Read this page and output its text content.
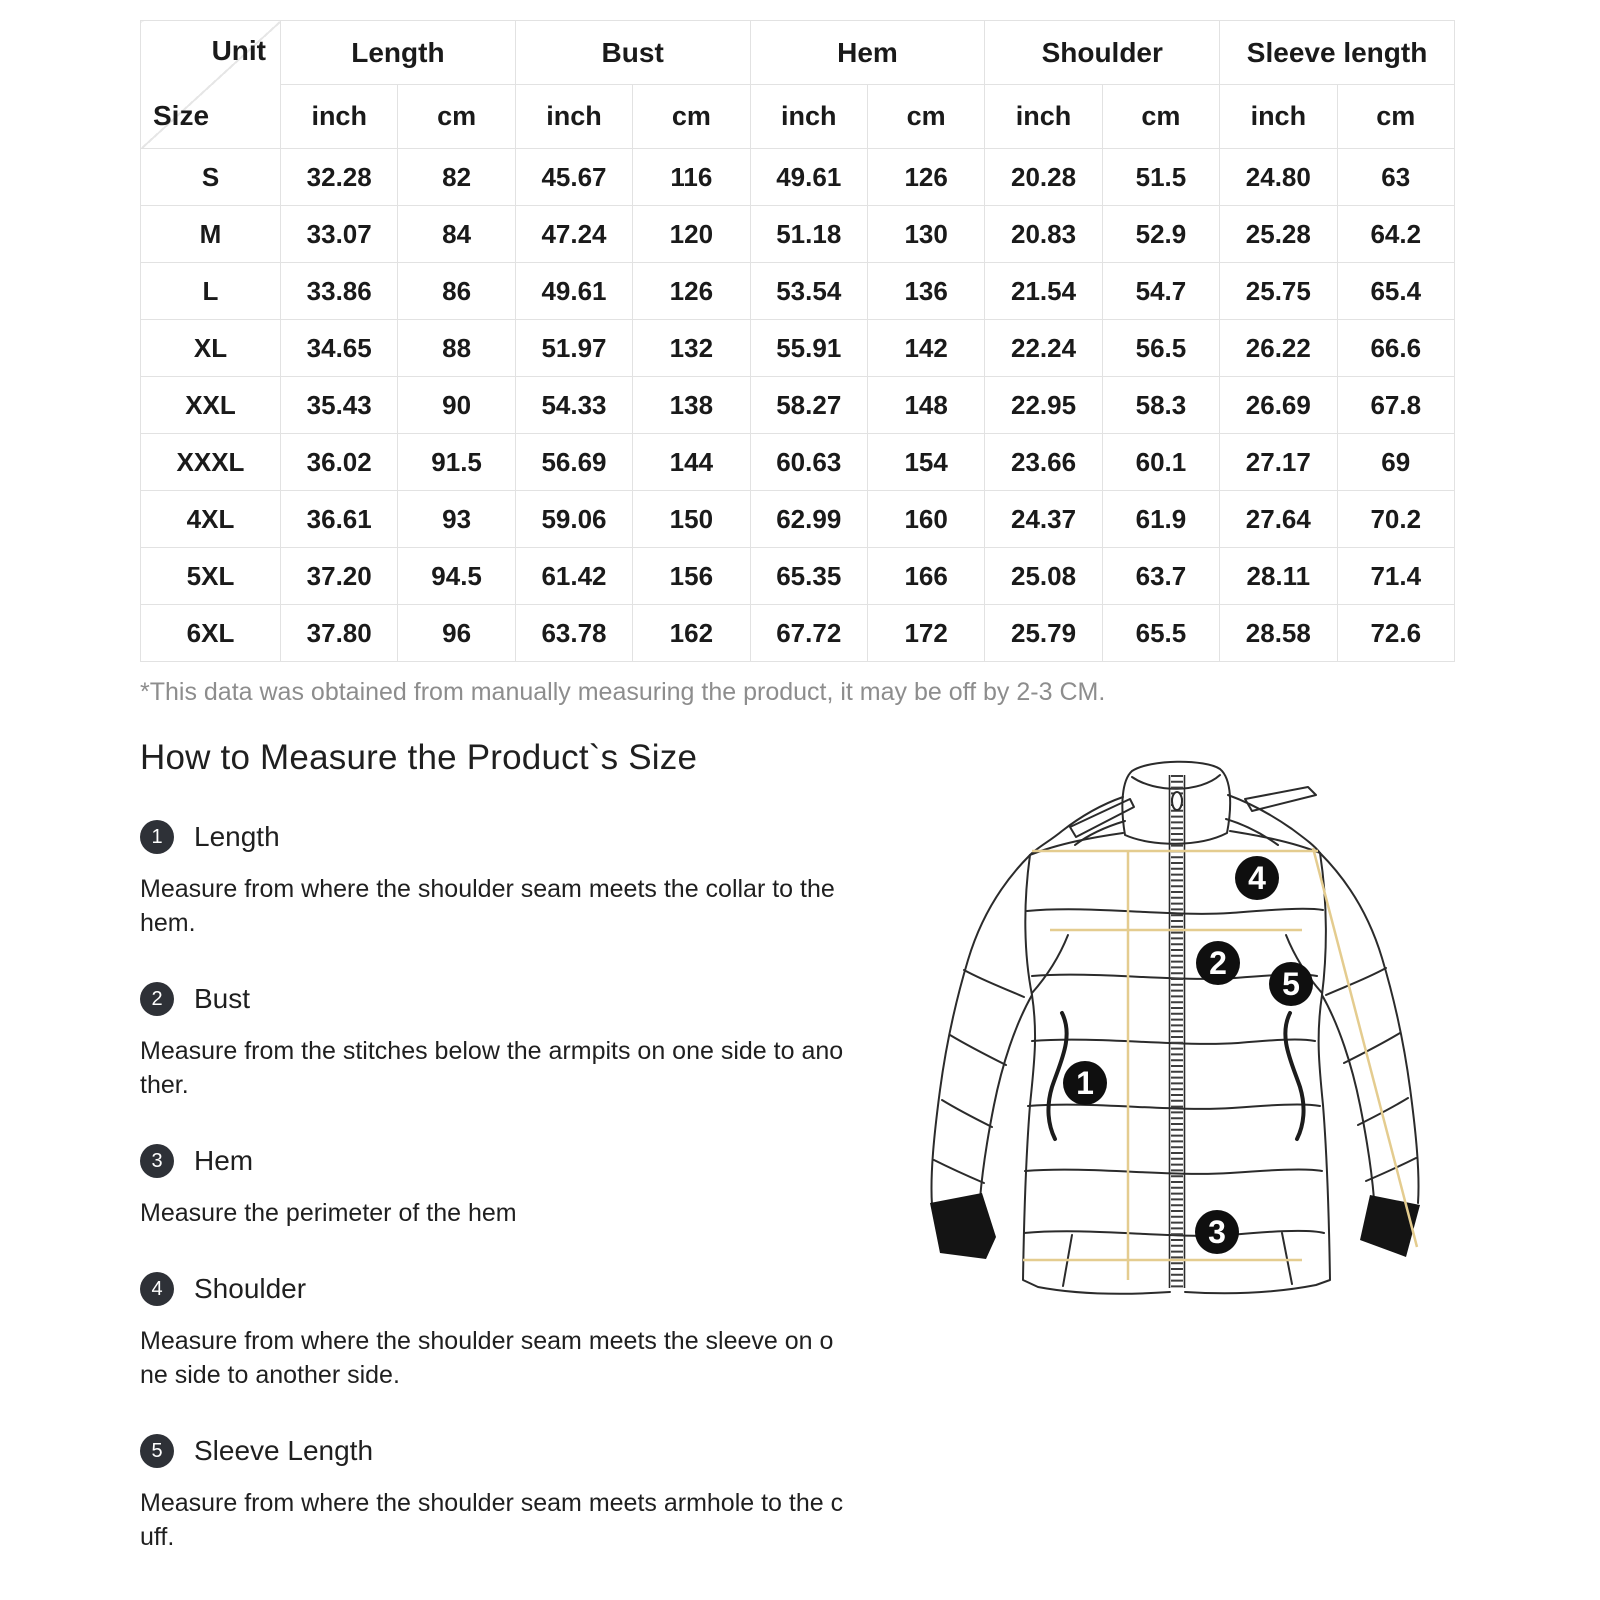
Unit
Size	Length		Bust		Hem		Shoulder		Sleeve length	
	inch	cm	inch	cm	inch	cm	inch	cm	inch	cm
S	32.28	82	45.67	116	49.61	126	20.28	51.5	24.80	63
M	33.07	84	47.24	120	51.18	130	20.83	52.9	25.28	64.2
L	33.86	86	49.61	126	53.54	136	21.54	54.7	25.75	65.4
XL	34.65	88	51.97	132	55.91	142	22.24	56.5	26.22	66.6
XXL	35.43	90	54.33	138	58.27	148	22.95	58.3	26.69	67.8
XXXL	36.02	91.5	56.69	144	60.63	154	23.66	60.1	27.17	69
4XL	36.61	93	59.06	150	62.99	160	24.37	61.9	27.64	70.2
5XL	37.20	94.5	61.42	156	65.35	166	25.08	63.7	28.11	71.4
6XL	37.80	96	63.78	162	67.72	172	25.79	65.5	28.58	72.6

*This data was obtained from manually measuring the product, it may be off by 2-3 CM.

How to Measure the Product`s Size
1	Length

Measure from where the shoulder seam meets the collar to the hem.

2	Bust

Measure from the stitches below the armpits on one side to another.

3	Hem

Measure the perimeter of the hem

4	Shoulder

Measure from where the shoulder seam meets the sleeve on one side to another side.

5	Sleeve Length

Measure from where the shoulder seam meets armhole to the cuff.

1
2
3
4
5
